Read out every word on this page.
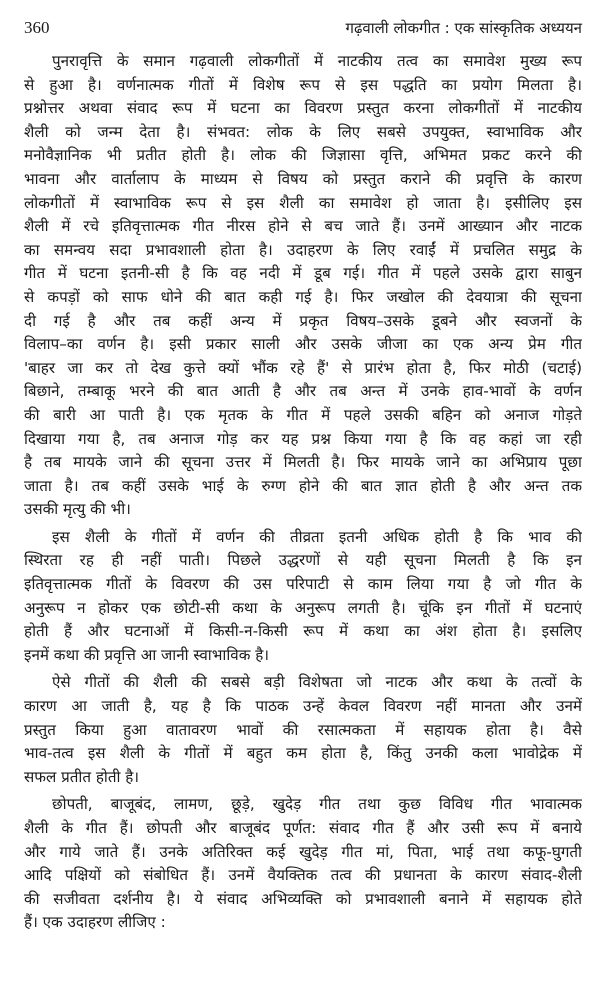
360	गढ़वाली लोकगीत : एक सांस्कृतिक अध्ययन
पुनरावृत्ति के समान गढ़वाली लोकगीतों में नाटकीय तत्व का समावेश मुख्य रूप
से हुआ है। वर्णनात्मक गीतों में विशेष रूप से इस पद्धति का प्रयोग मिलता है।
प्रश्नोत्तर अथवा संवाद रूप में घटना का विवरण प्रस्तुत करना लोकगीतों में नाटकीय
शैली को जन्म देता है। संभवत: लोक के लिए सबसे उपयुक्त, स्वाभाविक और
मनोवैज्ञानिक भी प्रतीत होती है। लोक की जिज्ञासा वृत्ति, अभिमत प्रकट करने की
भावना और वार्तालाप के माध्यम से विषय को प्रस्तुत कराने की प्रवृत्ति के कारण
लोकगीतों में स्वाभाविक रूप से इस शैली का समावेश हो जाता है। इसीलिए इस
शैली में रचे इतिवृत्तात्मक गीत नीरस होने से बच जाते हैं। उनमें आख्यान और नाटक
का समन्वय सदा प्रभावशाली होता है। उदाहरण के लिए रवाईं में प्रचलित समुद्र के
गीत में घटना इतनी-सी है कि वह नदी में डूब गई। गीत में पहले उसके द्वारा साबुन
से कपड़ों को साफ धोने की बात कही गई है। फिर जखोल की देवयात्रा की सूचना
दी गई है और तब कहीं अन्य में प्रकृत विषय–उसके डूबने और स्वजनों के
विलाप–का वर्णन है। इसी प्रकार साली और उसके जीजा का एक अन्य प्रेम गीत
'बाहर जा कर तो देख कुत्ते क्यों भौंक रहे हैं' से प्रारंभ होता है, फिर मोठी (चटाई)
बिछाने, तम्बाकू भरने की बात आती है और तब अन्त में उनके हाव-भावों के वर्णन
की बारी आ पाती है। एक मृतक के गीत में पहले उसकी बहिन को अनाज गोड़ते
दिखाया गया है, तब अनाज गोड़ कर यह प्रश्न किया गया है कि वह कहां जा रही
है तब मायके जाने की सूचना उत्तर में मिलती है। फिर मायके जाने का अभिप्राय पूछा
जाता है। तब कहीं उसके भाई के रुग्ण होने की बात ज्ञात होती है और अन्त तक
उसकी मृत्यु की भी।
इस शैली के गीतों में वर्णन की तीव्रता इतनी अधिक होती है कि भाव की
स्थिरता रह ही नहीं पाती। पिछले उद्धरणों से यही सूचना मिलती है कि इन
इतिवृत्तात्मक गीतों के विवरण की उस परिपाटी से काम लिया गया है जो गीत के
अनुरूप न होकर एक छोटी-सी कथा के अनुरूप लगती है। चूंकि इन गीतों में घटनाएं
होती हैं और घटनाओं में किसी-न-किसी रूप में कथा का अंश होता है। इसलिए
इनमें कथा की प्रवृत्ति आ जानी स्वाभाविक है।
ऐसे गीतों की शैली की सबसे बड़ी विशेषता जो नाटक और कथा के तत्वों के
कारण आ जाती है, यह है कि पाठक उन्हें केवल विवरण नहीं मानता और उनमें
प्रस्तुत किया हुआ वातावरण भावों की रसात्मकता में सहायक होता है। वैसे
भाव-तत्व इस शैली के गीतों में बहुत कम होता है, किंतु उनकी कला भावोद्रेक में
सफल प्रतीत होती है।
छोपती, बाजूबंद, लामण, छूड़े, खुदेड़ गीत तथा कुछ विविध गीत भावात्मक
शैली के गीत हैं। छोपती और बाजूबंद पूर्णत: संवाद गीत हैं और उसी रूप में बनाये
और गाये जाते हैं। उनके अतिरिक्त कई खुदेड़ गीत मां, पिता, भाई तथा कफू-घुगती
आदि पक्षियों को संबोधित हैं। उनमें वैयक्तिक तत्व की प्रधानता के कारण संवाद-शैली
की सजीवता दर्शनीय है। ये संवाद अभिव्यक्ति को प्रभावशाली बनाने में सहायक होते
हैं। एक उदाहरण लीजिए :
